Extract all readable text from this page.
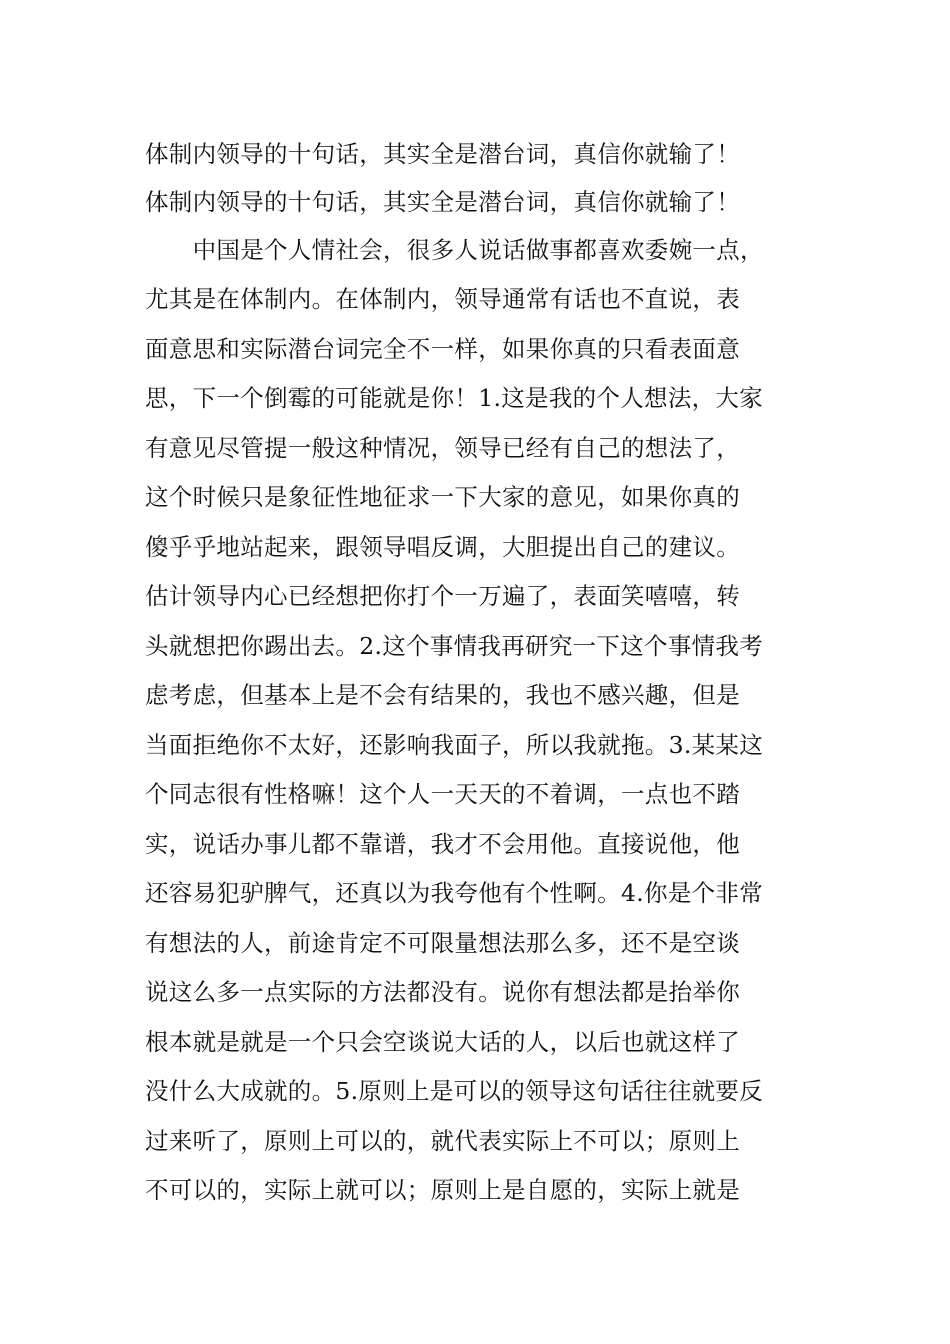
体制内领导的十句话，其实全是潜台词，真信你就输了！
体制内领导的十句话，其实全是潜台词，真信你就输了！
　　中国是个人情社会，很多人说话做事都喜欢委婉一点，
尤其是在体制内。在体制内，领导通常有话也不直说，表
面意思和实际潜台词完全不一样，如果你真的只看表面意
思，下一个倒霉的可能就是你！1.这是我的个人想法，大家
有意见尽管提一般这种情况，领导已经有自己的想法了，
这个时候只是象征性地征求一下大家的意见，如果你真的
傻乎乎地站起来，跟领导唱反调，大胆提出自己的建议。
估计领导内心已经想把你打个一万遍了，表面笑嘻嘻，转
头就想把你踢出去。2.这个事情我再研究一下这个事情我考
虑考虑，但基本上是不会有结果的，我也不感兴趣，但是
当面拒绝你不太好，还影响我面子，所以我就拖。3.某某这
个同志很有性格嘛！这个人一天天的不着调，一点也不踏
实，说话办事儿都不靠谱，我才不会用他。直接说他，他
还容易犯驴脾气，还真以为我夸他有个性啊。4.你是个非常
有想法的人，前途肯定不可限量想法那么多，还不是空谈
说这么多一点实际的方法都没有。说你有想法都是抬举你
根本就是就是一个只会空谈说大话的人，以后也就这样了
没什么大成就的。5.原则上是可以的领导这句话往往就要反
过来听了，原则上可以的，就代表实际上不可以；原则上
不可以的，实际上就可以；原则上是自愿的，实际上就是
